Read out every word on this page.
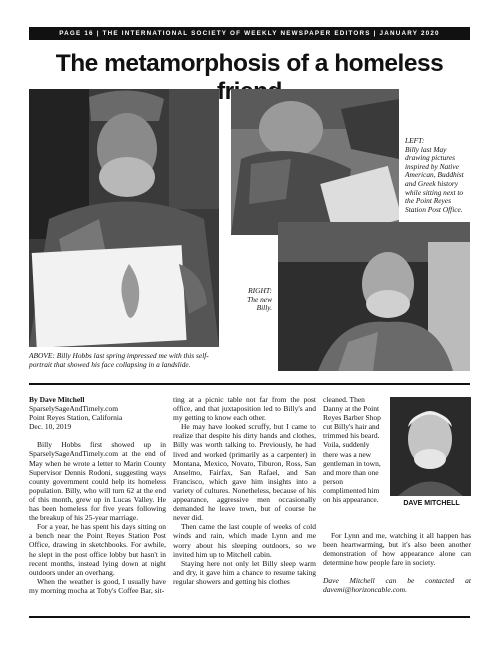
PAGE 16 | THE INTERNATIONAL SOCIETY OF WEEKLY NEWSPAPER EDITORS | JANUARY 2020
The metamorphosis of a homeless
LEFT:
Billy last May drawing pictures inspired by Native American, Buddhist and Greek history while sitting next to the Point Reyes Station Post Office.
RIGHT:
The new Billy.
ABOVE: Billy Hobbs last spring impressed me with this self-portrait that showed his face collapsing in a landslide.

By Dave Mitchell

SparselySageAndTimely.com

Point Reyes Station, California

Dec. 10, 2019

Billy Hobbs first showed up in SparselySageAndTimely.com at the end of May when he wrote a letter to Marin County Supervisor Dennis Rodoni, suggesting ways county government could help its homeless population. Billy, who will turn 62 at the end of this month, grew up in Lucas Valley. He has been homeless for five years following the breakup of his 25-year marriage.

For a year, he has spent his days sitting on a bench near the Point Reyes Station Post Office, drawing in sketchbooks. For awhile, he slept in the post office lobby but hasn't in recent months, instead lying down at night outdoors under an overhang.

When the weather is good, I usually have my morning mocha at Toby's Coffee Bar, sit-

ting at a picnic table not far from the post office, and that juxtaposition led to Billy's and my getting to know each other.

He may have looked scruffy, but I came to realize that despite his dirty hands and clothes, Billy was worth talking to. Previously, he had lived and worked (primarily as a carpenter) in Montana, Mexico, Novato, Tiburon, Ross, San Anselmo, Fairfax, San Rafael, and San Francisco, which gave him insights into a variety of cultures. Nonetheless, because of his appearance, aggressive men occasionally demanded he leave town, but of course he never did.

Then came the last couple of weeks of cold winds and rain, which made Lynn and me worry about his sleeping outdoors, so we invited him up to Mitchell cabin.

Staying here not only let Billy sleep warm and dry, it gave him a chance to resume taking regular showers and getting his clothes

cleaned. Then Danny at the Point Reyes Barber Shop cut Billy's hair and trimmed his beard. Voila, suddenly there was a new gentleman in town, and more than one person complimented him on his appearance.	DAVE MITCHELL

For Lynn and me, watching it all happen has been heartwarming, but it's also been another demonstration of how appearance alone can determine how people fare in society.

Dave Mitchell can be contacted at davemi@horizoncable.com.
